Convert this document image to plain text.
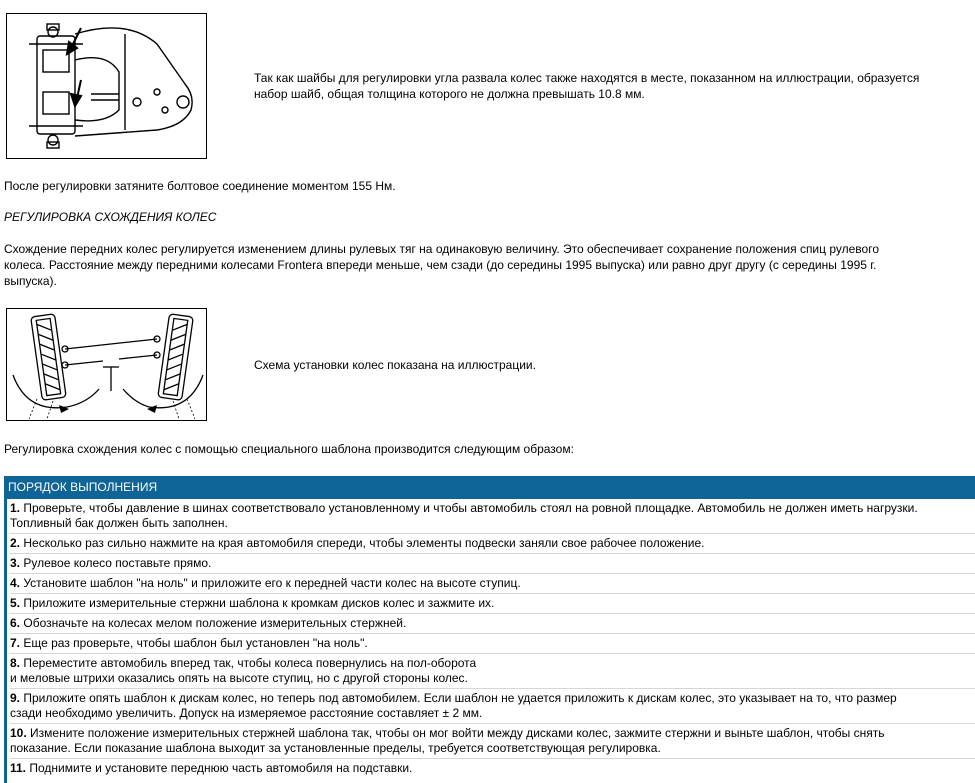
Так как шайбы для регулировки угла развала колес также находятся в месте, показанном на иллюстрации, образуется
набор шайб, общая толщина которого не должна превышать 10.8 мм.
После регулировки затяните болтовое соединение моментом 155 Нм.
РЕГУЛИРОВКА СХОЖДЕНИЯ КОЛЕС
Схождение передних колес регулируется изменением длины рулевых тяг на одинаковую величину. Это обеспечивает сохранение положения спиц рулевого
колеса. Расстояние между передними колесами Frontera впереди меньше, чем сзади (до середины 1995 выпуска) или равно друг другу (с середины 1995 г.
выпуска).
Схема установки колес показана на иллюстрации.
Регулировка схождения колес с помощью специального шаблона производится следующим образом:
ПОРЯДОК ВЫПОЛНЕНИЯ
1. Проверьте, чтобы давление в шинах соответствовало установленному и чтобы автомобиль стоял на ровной площадке. Автомобиль не должен иметь нагрузки.
Топливный бак должен быть заполнен.
2. Несколько раз сильно нажмите на края автомобиля спереди, чтобы элементы подвески заняли свое рабочее положение.
3. Рулевое колесо поставьте прямо.
4. Установите шаблон "на ноль" и приложите его к передней части колес на высоте ступиц.
5. Приложите измерительные стержни шаблона к кромкам дисков колес и зажмите их.
6. Обозначьте на колесах мелом положение измерительных стержней.
7. Еще раз проверьте, чтобы шаблон был установлен "на ноль".
8. Переместите автомобиль вперед так, чтобы колеса повернулись на пол-оборота
и меловые штрихи оказались опять на высоте ступиц, но с другой стороны колес.
9. Приложите опять шаблон к дискам колес, но теперь под автомобилем. Если шаблон не удается приложить к дискам колес, это указывает на то, что размер
сзади необходимо увеличить. Допуск на измеряемое расстояние составляет ± 2 мм.
10. Измените положение измерительных стержней шаблона так, чтобы он мог войти между дисками колес, зажмите стержни и выньте шаблон, чтобы снять
показание. Если показание шаблона выходит за установленные пределы, требуется соответствующая регулировка.
11. Поднимите и установите переднюю часть автомобиля на подставки.
